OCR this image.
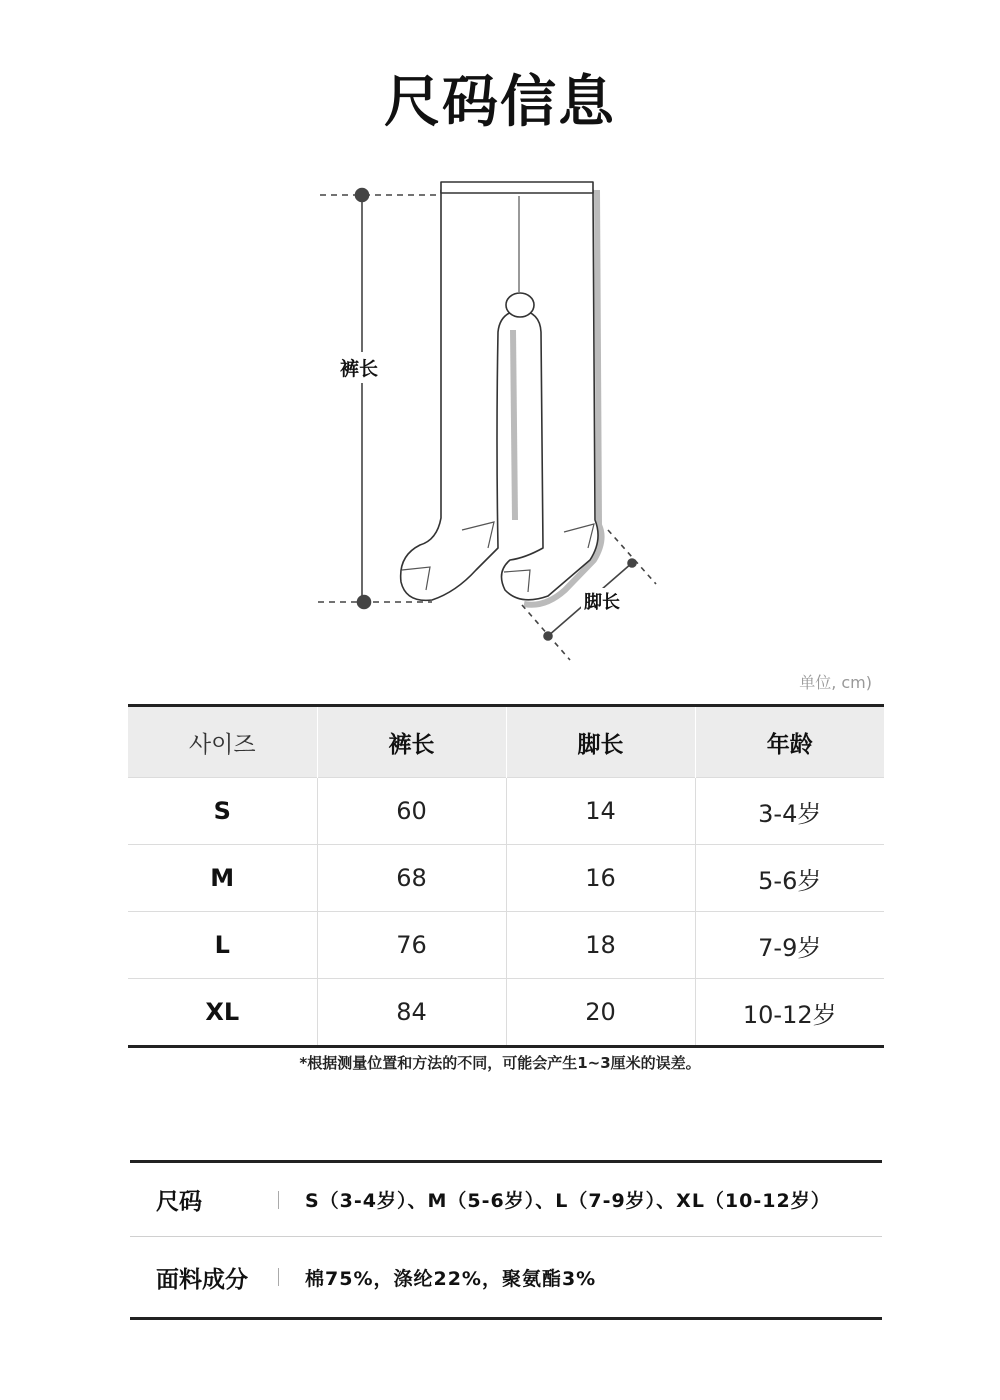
尺码信息
裤长
脚长
单位, cm)
사이즈	裤长	脚长	年龄
S	60	14	3-4岁
M	68	16	5-6岁
L	76	18	7-9岁
XL	84	20	10-12岁
*根据测量位置和方法的不同，可能会产生1~3厘米的误差。
尺码	S（3-4岁）、M（5-6岁）、L（7-9岁）、XL（10-12岁）
面料成分	棉75%，涤纶22%，聚氨酯3%
